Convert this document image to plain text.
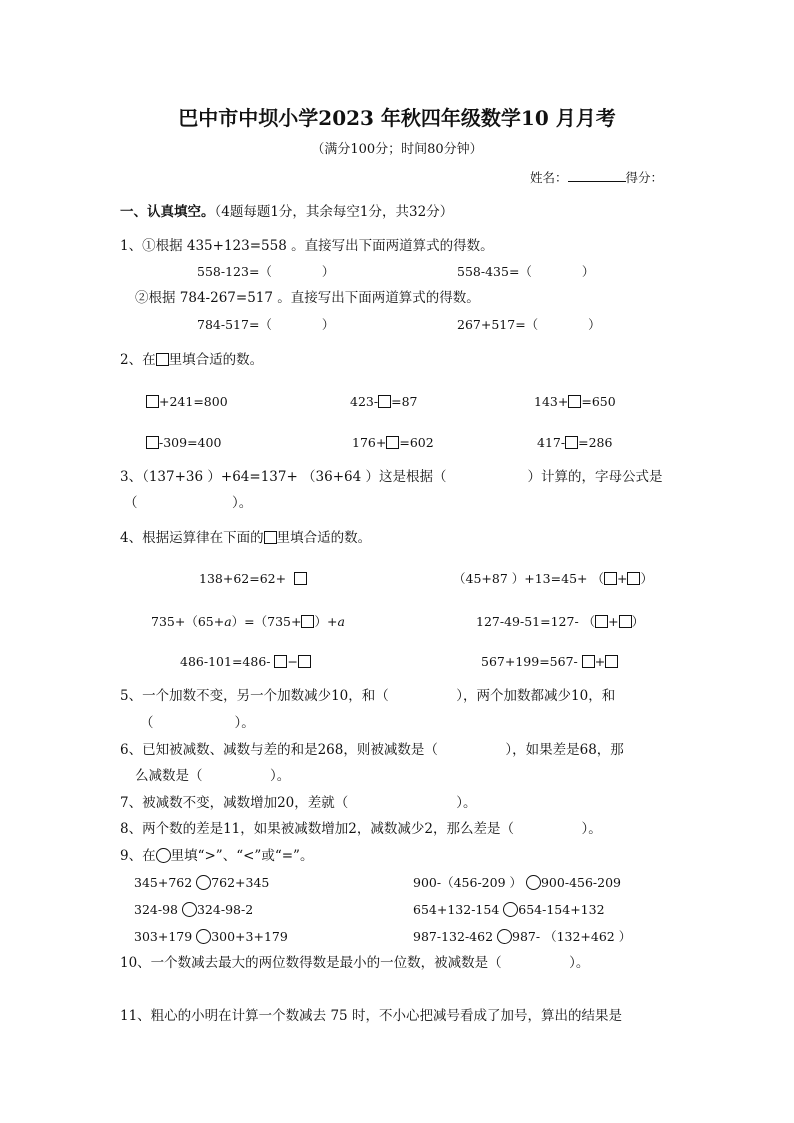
巴中市中坝小学2023 年秋四年级数学10 月月考
（满分100分；时间80分钟）
姓名：	得分：
一、认真填空。（4题每题1分，其余每空1分，共32分）
1、①根据 435+123=558 。直接写出下面两道算式的得数。
558-123=（　　　　）	558-435=（　　　　）
②根据 784-267=517 。直接写出下面两道算式的得数。
784-517=（　　　　）	267+517=（　　　　）
2、在 里填合适的数。
+241=800	423- =87	143+ =650
-309=400	176+ =602	417- =286
3、（137+36 ）+64=137+ （36+64 ）这是根据（　　　　　　）计算的，字母公式是
（　　　　　　　）。
4、根据运算律在下面的 里填合适的数。
138+62=62+	（45+87 ）+13=45+ （ + ）
735+（65+a）=（735+ ）+a	127-49-51=127- （ + ）
486-101=486- −	567+199=567- +
5、一个加数不变，另一个加数减少10，和（　　　　　），两个加数都减少10，和
（　　　　　　）。
6、已知被减数、减数与差的和是268，则被减数是（　　　　　），如果差是68，那
么减数是（　　　　　）。
7、被减数不变，减数增加20，差就（　　　　　　　　）。
8、两个数的差是11，如果被减数增加2，减数减少2，那么差是（　　　　　）。
9、在 里填“>”、“<”或“=”。
345+762 762+345	900-（456-209 ） 900-456-209
324-98 324-98-2	654+132-154 654-154+132
303+179 300+3+179	987-132-462 987- （132+462 ）
10、一个数减去最大的两位数得数是最小的一位数，被减数是（　　　　　）。
11、粗心的小明在计算一个数减去 75 时，不小心把减号看成了加号，算出的结果是
